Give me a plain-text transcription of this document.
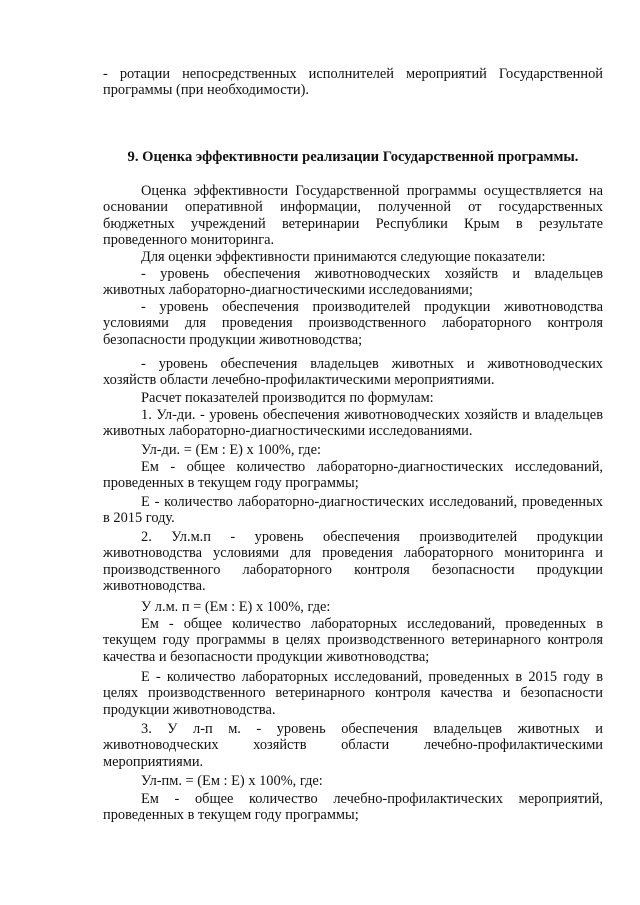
- ротации непосредственных исполнителей мероприятий Государственной программы (при необходимости).

9. Оценка эффективности реализации Государственной программы.

Оценка эффективности Государственной программы осуществляется на основании оперативной информации, полученной от государственных бюджетных учреждений ветеринарии Республики Крым в результате проведенного мониторинга.

Для оценки эффективности принимаются следующие показатели:

- уровень обеспечения животноводческих хозяйств и владельцев животных лабораторно-диагностическими исследованиями;

- уровень обеспечения производителей продукции животноводства условиями для проведения производственного лабораторного контроля безопасности продукции животноводства;

- уровень обеспечения владельцев животных и животноводческих хозяйств области лечебно-профилактическими мероприятиями.

Расчет показателей производится по формулам:

1. Ул-ди. - уровень обеспечения животноводческих хозяйств и владельцев животных лабораторно-диагностическими исследованиями.

Ул-ди. = (Ем : Е) х 100%, где:

Ем - общее количество лабораторно-диагностических исследований, проведенных в текущем году программы;

Е - количество лабораторно-диагностических исследований, проведенных в 2015 году.

2. Ул.м.п - уровень обеспечения производителей продукции животноводства условиями для проведения лабораторного мониторинга и производственного лабораторного контроля безопасности продукции животноводства.

У л.м. п = (Ем : Е) х 100%, где:

Ем - общее количество лабораторных исследований, проведенных в текущем году программы в целях производственного ветеринарного контроля качества и безопасности продукции животноводства;

Е - количество лабораторных исследований, проведенных в 2015 году в целях производственного ветеринарного контроля качества и безопасности продукции животноводства.

3. У л-п м. - уровень обеспечения владельцев животных и животноводческих хозяйств области лечебно-профилактическими мероприятиями.

Ул-пм. = (Ем : Е) х 100%, где:

Ем - общее количество лечебно-профилактических мероприятий, проведенных в текущем году программы;
